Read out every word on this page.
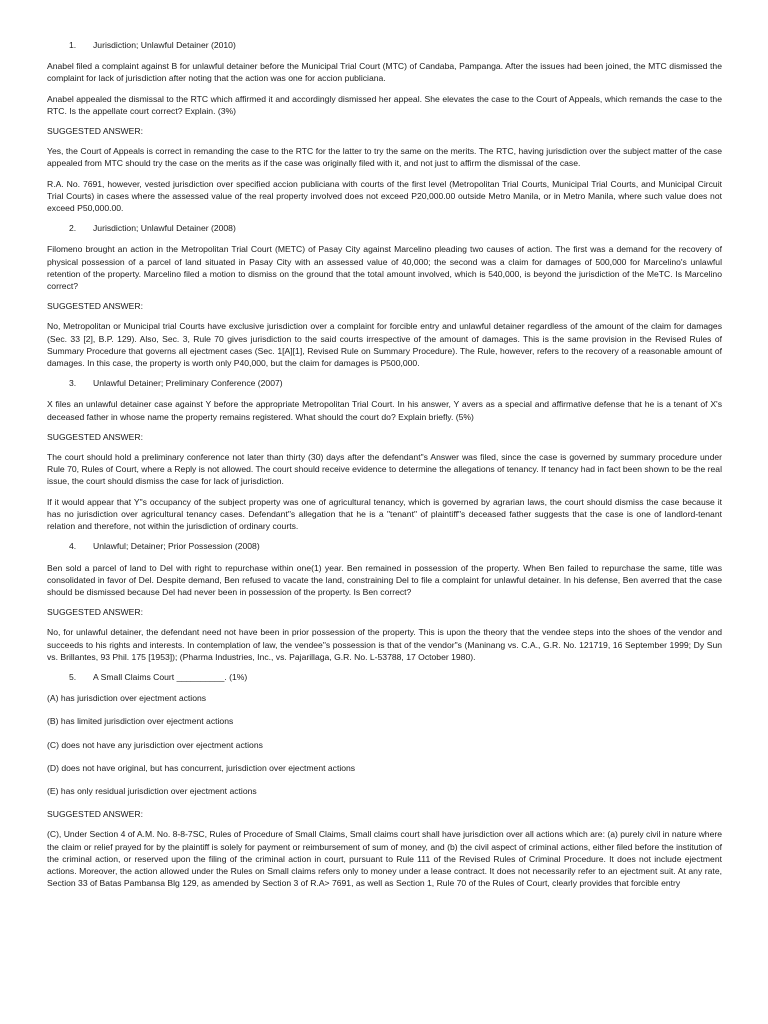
1.	Jurisdiction; Unlawful Detainer (2010)

Anabel filed a complaint against B for unlawful detainer before the Municipal Trial Court (MTC) of Candaba, Pampanga. After the issues had been joined, the MTC dismissed the complaint for lack of jurisdiction after noting that the action was one for accion publiciana.

Anabel appealed the dismissal to the RTC which affirmed it and accordingly dismissed her appeal. She elevates the case to the Court of Appeals, which remands the case to the RTC. Is the appellate court correct? Explain. (3%)

SUGGESTED ANSWER:

Yes, the Court of Appeals is correct in remanding the case to the RTC for the latter to try the same on the merits. The RTC, having jurisdiction over the subject matter of the case appealed from MTC should try the case on the merits as if the case was originally filed with it, and not just to affirm the dismissal of the case.

R.A. No. 7691, however, vested jurisdiction over specified accion publiciana with courts of the first level (Metropolitan Trial Courts, Municipal Trial Courts, and Municipal Circuit Trial Courts) in cases where the assessed value of the real property involved does not exceed P20,000.00 outside Metro Manila, or in Metro Manila, where such value does not exceed P50,000.00.

2.	Jurisdiction; Unlawful Detainer (2008)

Filomeno brought an action in the Metropolitan Trial Court (METC) of Pasay City against Marcelino pleading two causes of action. The first was a demand for the recovery of physical possession of a parcel of land situated in Pasay City with an assessed value of 40,000; the second was a claim for damages of 500,000 for Marcelino's unlawful retention of the property. Marcelino filed a motion to dismiss on the ground that the total amount involved, which is 540,000, is beyond the jurisdiction of the MeTC. Is Marcelino correct?

SUGGESTED ANSWER:

No, Metropolitan or Municipal trial Courts have exclusive jurisdiction over a complaint for forcible entry and unlawful detainer regardless of the amount of the claim for damages (Sec. 33 [2], B.P. 129). Also, Sec. 3, Rule 70 gives jurisdiction to the said courts irrespective of the amount of damages. This is the same provision in the Revised Rules of Summary Procedure that governs all ejectment cases (Sec. 1[A][1], Revised Rule on Summary Procedure). The Rule, however, refers to the recovery of a reasonable amount of damages. In this case, the property is worth only P40,000, but the claim for damages is P500,000.

3.	Unlawful Detainer; Preliminary Conference (2007)

X files an unlawful detainer case against Y before the appropriate Metropolitan Trial Court. In his answer, Y avers as a special and affirmative defense that he is a tenant of X's deceased father in whose name the property remains registered. What should the court do? Explain briefly. (5%)

SUGGESTED ANSWER:

The court should hold a preliminary conference not later than thirty (30) days after the defendant"s Answer was filed, since the case is governed by summary procedure under Rule 70, Rules of Court, where a Reply is not allowed. The court should receive evidence to determine the allegations of tenancy. If tenancy had in fact been shown to be the real issue, the court should dismiss the case for lack of jurisdiction.

If it would appear that Y"s occupancy of the subject property was one of agricultural tenancy, which is governed by agrarian laws, the court should dismiss the case because it has no jurisdiction over agricultural tenancy cases. Defendant"s allegation that he is a "tenant" of plaintiff"s deceased father suggests that the case is one of landlord-tenant relation and therefore, not within the jurisdiction of ordinary courts.

4.	Unlawful; Detainer; Prior Possession (2008)

Ben sold a parcel of land to Del with right to repurchase within one(1) year. Ben remained in possession of the property. When Ben failed to repurchase the same, title was consolidated in favor of Del. Despite demand, Ben refused to vacate the land, constraining Del to file a complaint for unlawful detainer. In his defense, Ben averred that the case should be dismissed because Del had never been in possession of the property. Is Ben correct?

SUGGESTED ANSWER:

No, for unlawful detainer, the defendant need not have been in prior possession of the property. This is upon the theory that the vendee steps into the shoes of the vendor and succeeds to his rights and interests. In contemplation of law, the vendee"s possession is that of the vendor"s (Maninang vs. C.A., G.R. No. 121719, 16 September 1999; Dy Sun vs. Brillantes, 93 Phil. 175 [1953]); (Pharma Industries, Inc., vs. Pajarillaga, G.R. No. L-53788, 17 October 1980).

5.	A Small Claims Court __________. (1%)

(A) has jurisdiction over ejectment actions

(B) has limited jurisdiction over ejectment actions

(C) does not have any jurisdiction over ejectment actions

(D) does not have original, but has concurrent, jurisdiction over ejectment actions

(E) has only residual jurisdiction over ejectment actions

SUGGESTED ANSWER:

(C), Under Section 4 of A.M. No. 8-8-7SC, Rules of Procedure of Small Claims, Small claims court shall have jurisdiction over all actions which are: (a) purely civil in nature where the claim or relief prayed for by the plaintiff is solely for payment or reimbursement of sum of money, and (b) the civil aspect of criminal actions, either filed before the institution of the criminal action, or reserved upon the filing of the criminal action in court, pursuant to Rule 111 of the Revised Rules of Criminal Procedure. It does not include ejectment actions. Moreover, the action allowed under the Rules on Small claims refers only to money under a lease contract. It does not necessarily refer to an ejectment suit. At any rate, Section 33 of Batas Pambansa Blg 129, as amended by Section 3 of R.A> 7691, as well as Section 1, Rule 70 of the Rules of Court, clearly provides that forcible entry
